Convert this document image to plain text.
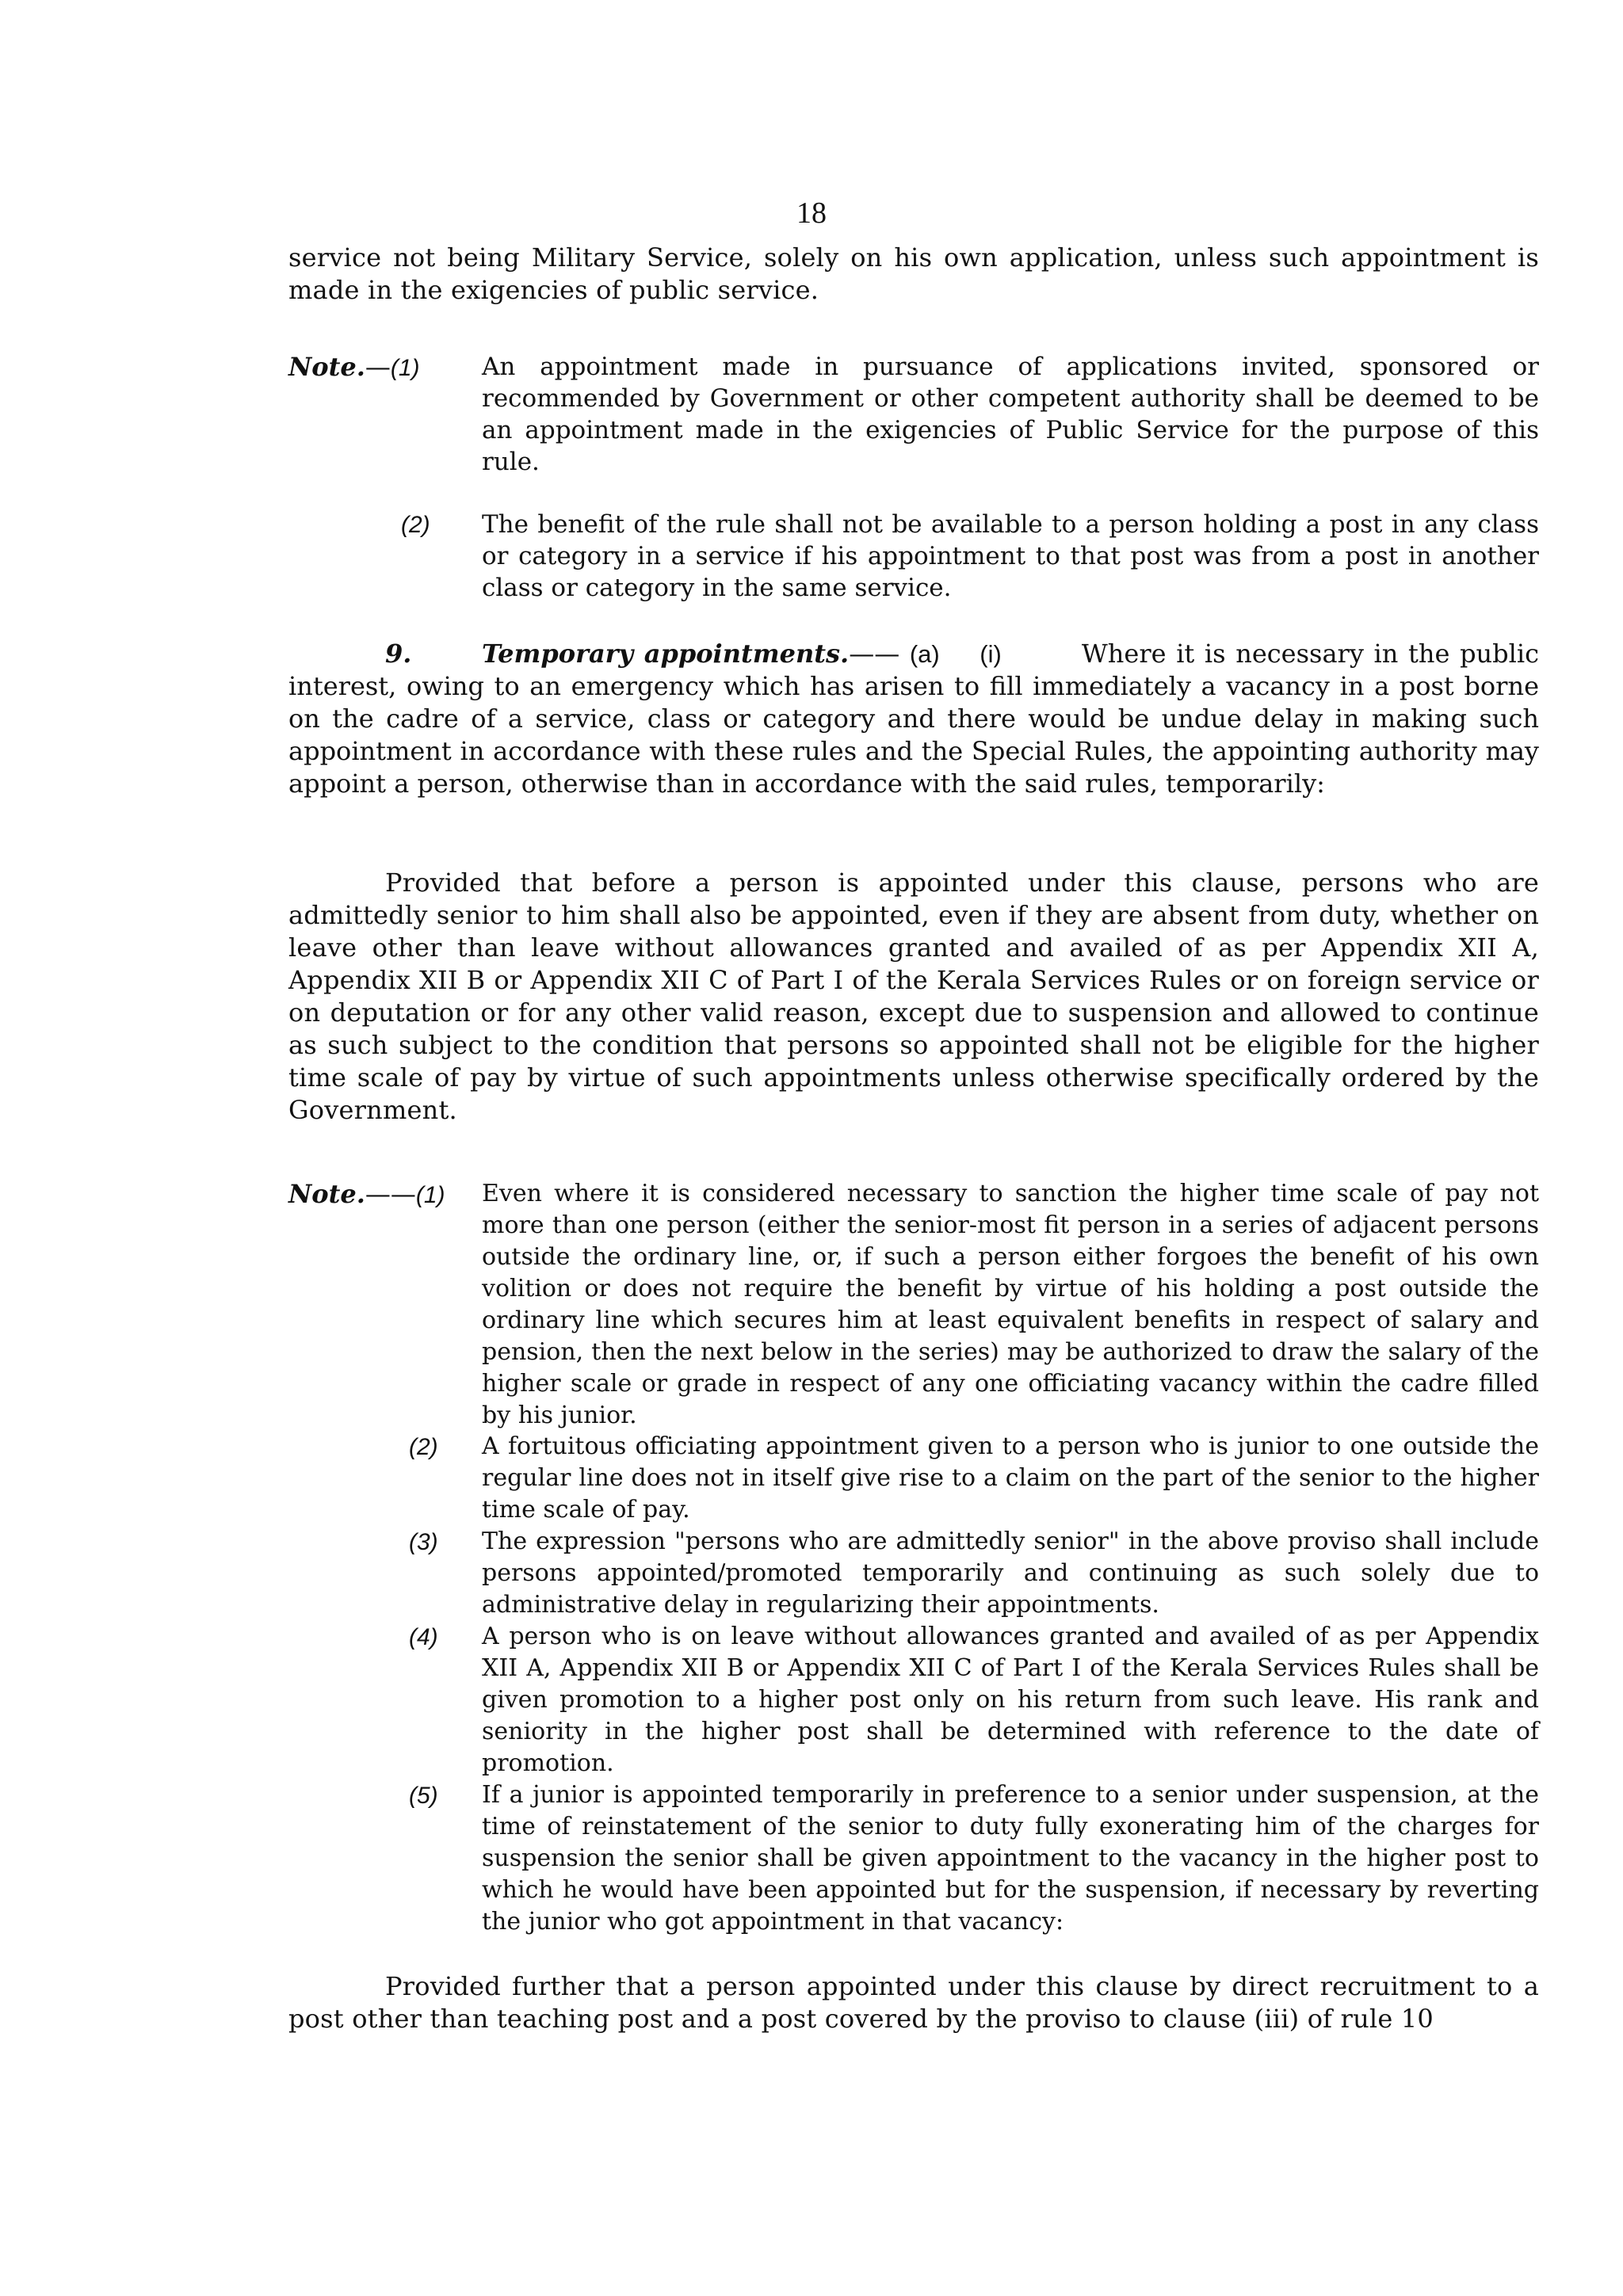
18

service not being Military Service, solely on his own application, unless such appointment is made in the exigencies of public service.

Note.—(1)	An appointment made in pursuance of applications invited, sponsored or recommended by Government or other competent authority shall be deemed to be an appointment made in the exigencies of Public Service for the purpose of this rule.

(2) The benefit of the rule shall not be available to a person holding a post in any class or category in a service if his appointment to that post was from a post in another class or category in the same service.

9.	Temporary appointments.—— (a) (i)	Where it is necessary in the public interest, owing to an emergency which has arisen to fill immediately a vacancy in a post borne on the cadre of a service, class or category and there would be undue delay in making such appointment in accordance with these rules and the Special Rules, the appointing authority may appoint a person, otherwise than in accordance with the said rules, temporarily:

Provided that before a person is appointed under this clause, persons who are admittedly senior to him shall also be appointed, even if they are absent from duty, whether on leave other than leave without allowances granted and availed of as per Appendix XII A, Appendix XII B or Appendix XII C of Part I of the Kerala Services Rules or on foreign service or on deputation or for any other valid reason, except due to suspension and allowed to continue as such subject to the condition that persons so appointed shall not be eligible for the higher time scale of pay by virtue of such appointments unless otherwise specifically ordered by the Government.

Note.——(1) Even where it is considered necessary to sanction the higher time scale of pay not more than one person (either the senior-most fit person in a series of adjacent persons outside the ordinary line, or, if such a person either forgoes the benefit of his own volition or does not require the benefit by virtue of his holding a post outside the ordinary line which secures him at least equivalent benefits in respect of salary and pension, then the next below in the series) may be authorized to draw the salary of the higher scale or grade in respect of any one officiating vacancy within the cadre filled by his junior.

(2) A fortuitous officiating appointment given to a person who is junior to one outside the regular line does not in itself give rise to a claim on the part of the senior to the higher time scale of pay.

(3) The expression "persons who are admittedly senior" in the above proviso shall include persons appointed/promoted temporarily and continuing as such solely due to administrative delay in regularizing their appointments.

(4) A person who is on leave without allowances granted and availed of as per Appendix XII A, Appendix XII B or Appendix XII C of Part I of the Kerala Services Rules shall be given promotion to a higher post only on his return from such leave. His rank and seniority in the higher post shall be determined with reference to the date of promotion.

(5) If a junior is appointed temporarily in preference to a senior under suspension, at the time of reinstatement of the senior to duty fully exonerating him of the charges for suspension the senior shall be given appointment to the vacancy in the higher post to which he would have been appointed but for the suspension, if necessary by reverting the junior who got appointment in that vacancy:

Provided further that a person appointed under this clause by direct recruitment to a post other than teaching post and a post covered by the proviso to clause (iii) of rule 10
